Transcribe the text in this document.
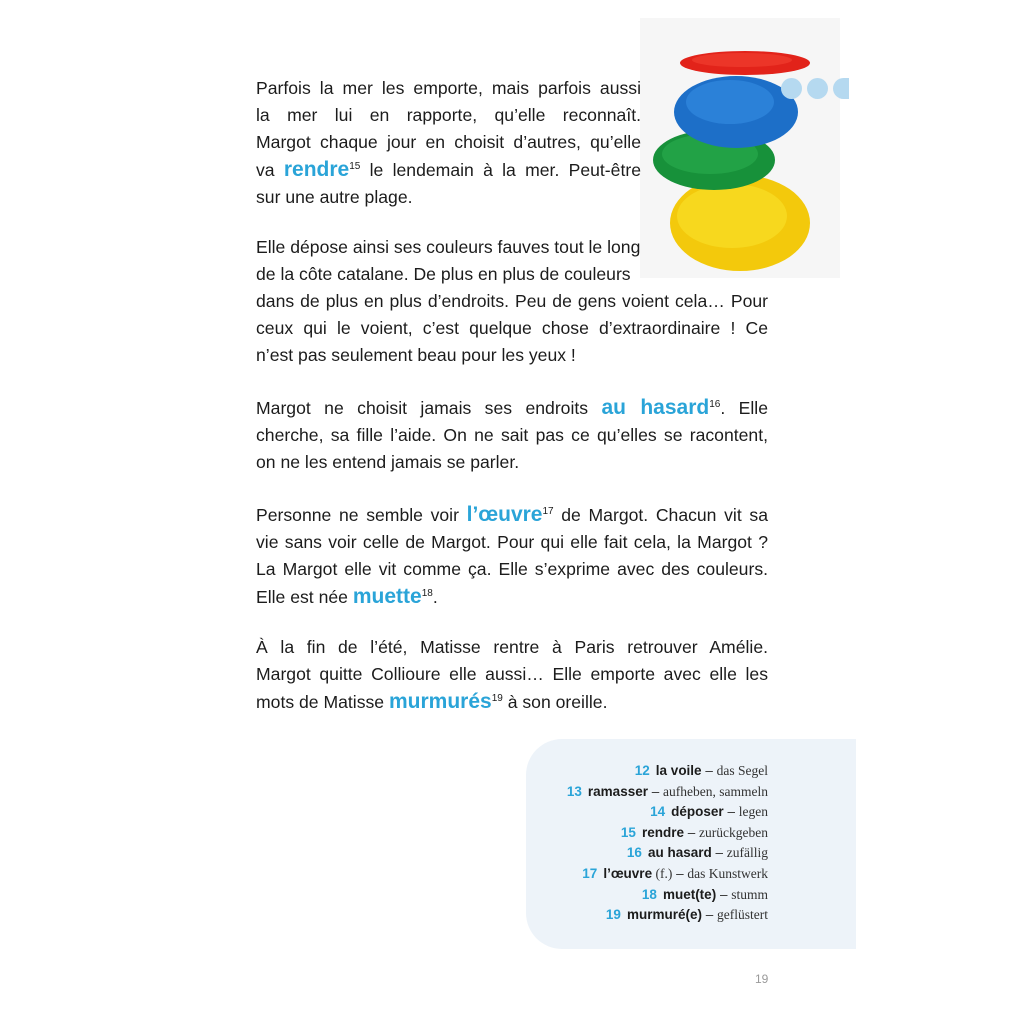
Parfois la mer les emporte, mais parfois aussi
la mer lui en rapporte, qu’elle reconnaît.
Margot chaque jour en choisit d’autres, qu’elle
va rendre$^{15}$ le lendemain à la mer. Peut-être
sur une autre plage.
Elle dépose ainsi ses couleurs fauves tout le long
de la côte catalane. De plus en plus de couleurs
dans de plus en plus d’endroits. Peu de gens voient cela… Pour
ceux qui le voient, c’est quelque chose d’extraordinaire ! Ce
n’est pas seulement beau pour les yeux !
Margot ne choisit jamais ses endroits au hasard$^{16}$. Elle
cherche, sa fille l’aide. On ne sait pas ce qu’elles se racontent,
on ne les entend jamais se parler.
Personne ne semble voir l’œuvre$^{17}$ de Margot. Chacun vit sa
vie sans voir celle de Margot. Pour qui elle fait cela, la Margot ?
La Margot elle vit comme ça. Elle s’exprime avec des couleurs.
Elle est née muette$^{18}$.
À la fin de l’été, Matisse rentre à Paris retrouver Amélie.
Margot quitte Collioure elle aussi… Elle emporte avec elle les
mots de Matisse murmurés$^{19}$ à son oreille.
12 la voile – das Segel
13 ramasser – aufheben, sammeln
14 déposer – legen
15 rendre – zurückgeben
16 au hasard – zufällig
17 l’œuvre (f.) – das Kunstwerk
18 muet(te) – stumm
19 murmuré(e) – geflüstert
19
